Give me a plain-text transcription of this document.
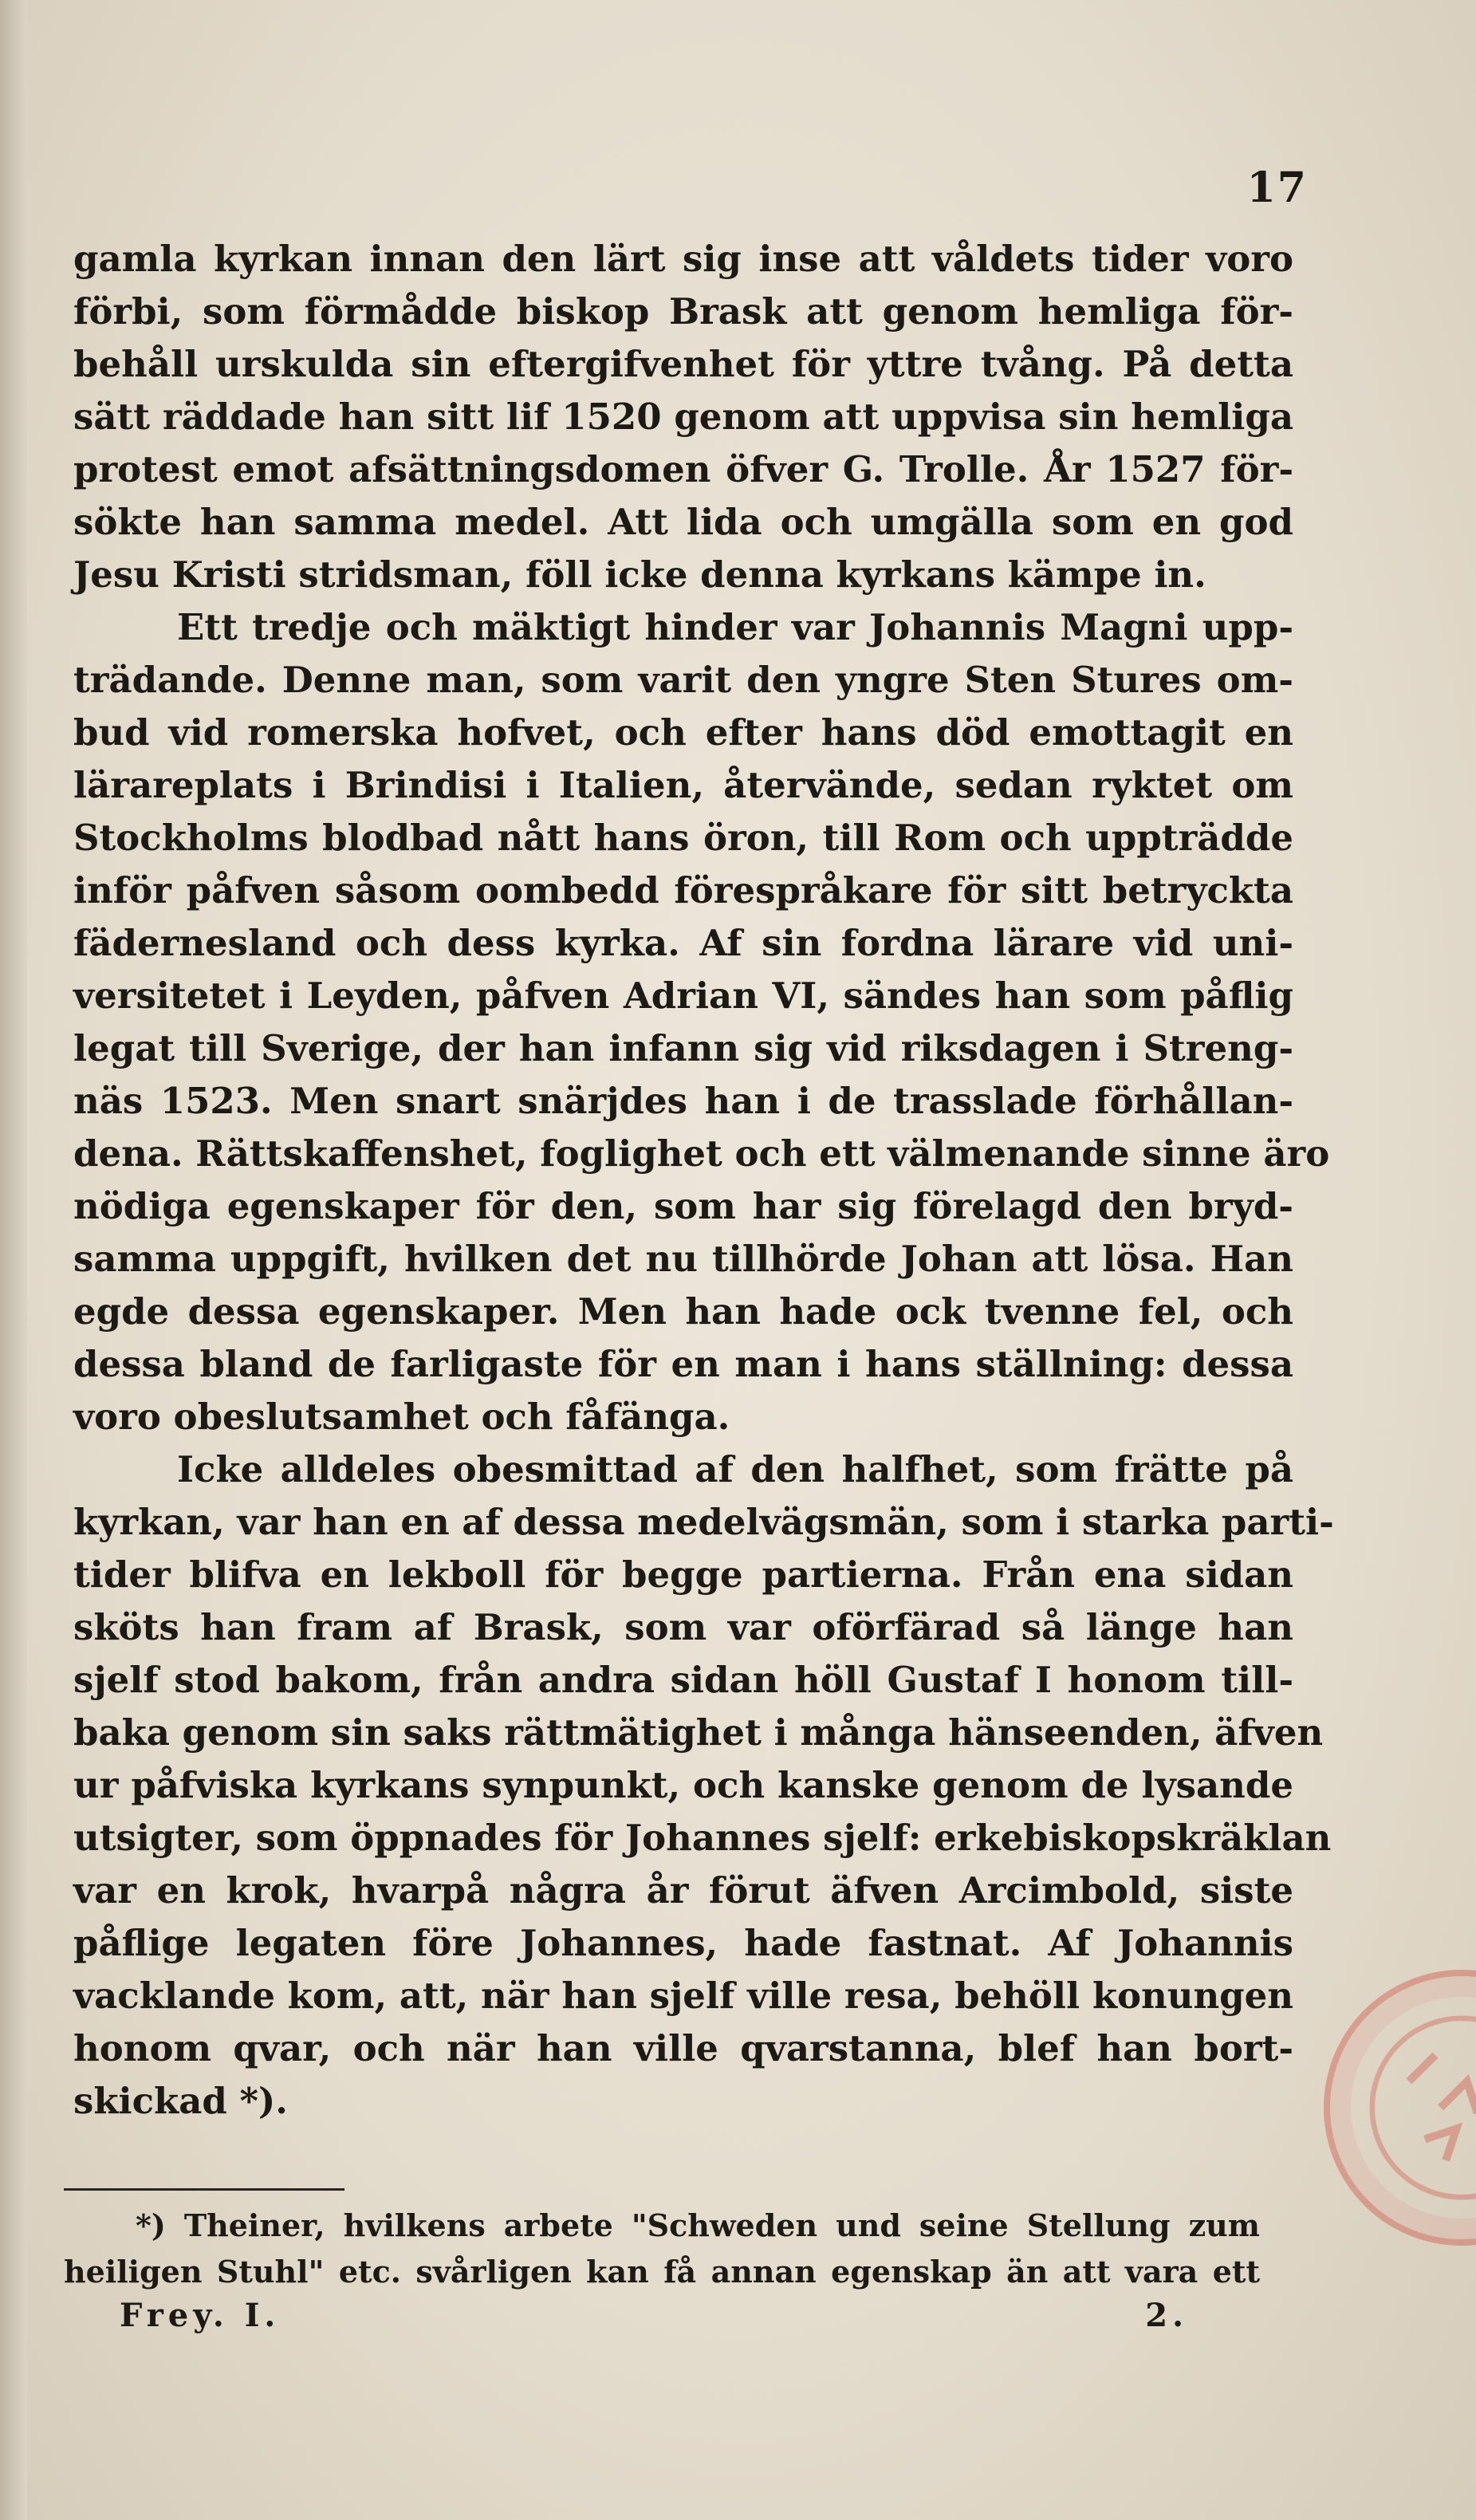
17
gamla kyrkan innan den lärt sig inse att våldets tider voro
förbi, som förmådde biskop Brask att genom hemliga för-
behåll urskulda sin eftergifvenhet för yttre tvång. På detta
sätt räddade han sitt lif 1520 genom att uppvisa sin hemliga
protest emot afsättningsdomen öfver G. Trolle. År 1527 för-
sökte han samma medel. Att lida och umgälla som en god
Jesu Kristi stridsman, föll icke denna kyrkans kämpe in.
Ett tredje och mäktigt hinder var Johannis Magni upp-
trädande. Denne man, som varit den yngre Sten Stures om-
bud vid romerska hofvet, och efter hans död emottagit en
lärareplats i Brindisi i Italien, återvände, sedan ryktet om
Stockholms blodbad nått hans öron, till Rom och uppträdde
inför påfven såsom oombedd förespråkare för sitt betryckta
fädernesland och dess kyrka. Af sin fordna lärare vid uni-
versitetet i Leyden, påfven Adrian VI, sändes han som påflig
legat till Sverige, der han infann sig vid riksdagen i Streng-
näs 1523. Men snart snärjdes han i de trasslade förhållan-
dena. Rättskaffenshet, foglighet och ett välmenande sinne äro
nödiga egenskaper för den, som har sig förelagd den bryd-
samma uppgift, hvilken det nu tillhörde Johan att lösa. Han
egde dessa egenskaper. Men han hade ock tvenne fel, och
dessa bland de farligaste för en man i hans ställning: dessa
voro obeslutsamhet och fåfänga.
Icke alldeles obesmittad af den halfhet, som frätte på
kyrkan, var han en af dessa medelvägsmän, som i starka parti-
tider blifva en lekboll för begge partierna. Från ena sidan
sköts han fram af Brask, som var oförfärad så länge han
sjelf stod bakom, från andra sidan höll Gustaf I honom till-
baka genom sin saks rättmätighet i många hänseenden, äfven
ur påfviska kyrkans synpunkt, och kanske genom de lysande
utsigter, som öppnades för Johannes sjelf: erkebiskopskräklan
var en krok, hvarpå några år förut äfven Arcimbold, siste
påflige legaten före Johannes, hade fastnat. Af Johannis
vacklande kom, att, när han sjelf ville resa, behöll konungen
honom qvar, och när han ville qvarstanna, blef han bort-
skickad *).
*) Theiner, hvilkens arbete "Schweden und seine Stellung zum
heiligen Stuhl" etc. svårligen kan få annan egenskap än att vara ett
Frey. I.	2.
